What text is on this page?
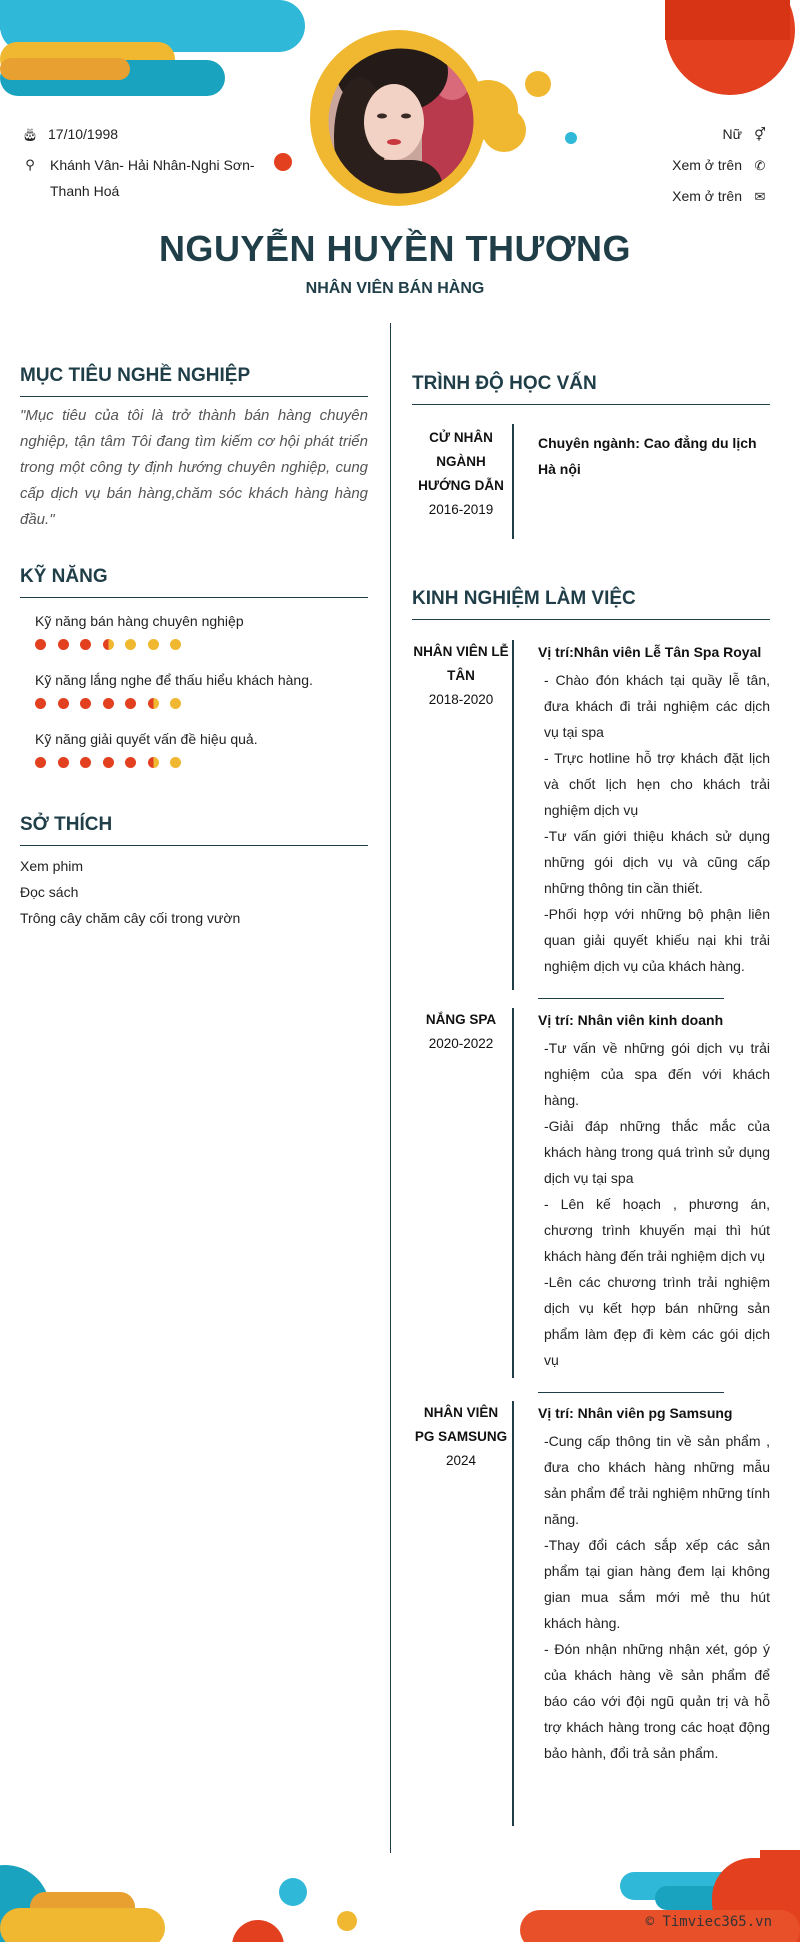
🎂︎ 17/10/1998
⚲	Khánh Vân- Hải Nhân-Nghi Sơn- Thanh Hoá
Nữ ⚥
Xem ở trên ✆
Xem ở trên ✉
NGUYỄN HUYỀN THƯƠNG
NHÂN VIÊN BÁN HÀNG
MỤC TIÊU NGHỀ NGHIỆP
"Mục tiêu của tôi là trở thành bán hàng chuyên nghiệp, tận tâm Tôi đang tìm kiếm cơ hội phát triển trong một công ty định hướng chuyên nghiệp, cung cấp dịch vụ bán hàng,chăm sóc khách hàng hàng đầu."
KỸ NĂNG
Kỹ năng bán hàng chuyên nghiệp
Kỹ năng lắng nghe để thấu hiểu khách hàng.
Kỹ năng giải quyết vấn đề hiệu quả.
SỞ THÍCH
Xem phim
Đọc sách
Trông cây chăm cây cối trong vườn
TRÌNH ĐỘ HỌC VẤN
CỬ NHÂN
NGÀNH
HƯỚNG DẪN
2016-2019
Chuyên ngành: Cao đẳng du lịch Hà nội
KINH NGHIỆM LÀM VIỆC
NHÂN VIÊN LỄ
TÂN
2018-2020
Vị trí:Nhân viên Lễ Tân Spa Royal
- Chào đón khách tại quầy lễ tân, đưa khách đi trải nghiệm các dịch vụ tại spa
- Trực hotline hỗ trợ khách đặt lịch và chốt lịch hẹn cho khách trải nghiệm dịch vụ
-Tư vấn giới thiệu khách sử dụng những gói dịch vụ và cũng cấp những thông tin cần thiết.
-Phối hợp với những bộ phận liên quan giải quyết khiếu nại khi trải nghiệm dịch vụ của khách hàng.
NẮNG SPA
2020-2022
Vị trí: Nhân viên kinh doanh
-Tư vấn về những gói dịch vụ trải nghiệm của spa đến với khách hàng.
-Giải đáp những thắc mắc của khách hàng trong quá trình sử dụng dịch vụ tại spa
- Lên kế hoạch , phương án, chương trình khuyến mại thì hút khách hàng đến trải nghiệm dịch vụ
-Lên các chương trình trải nghiệm dịch vụ kết hợp bán những sản phẩm làm đẹp đi kèm các gói dịch vụ
NHÂN VIÊN
PG SAMSUNG
2024
Vị trí: Nhân viên pg Samsung
-Cung cấp thông tin về sản phẩm , đưa cho khách hàng những mẫu sản phẩm để trải nghiệm những tính năng.
-Thay đổi cách sắp xếp các sản phẩm tại gian hàng đem lại không gian mua sắm mới mẻ thu hút khách hàng.
- Đón nhận những nhận xét, góp ý của khách hàng về sản phẩm để báo cáo với đội ngũ quản trị và hỗ trợ khách hàng trong các hoạt động bảo hành, đổi trả sản phẩm.
© Timviec365.vn
